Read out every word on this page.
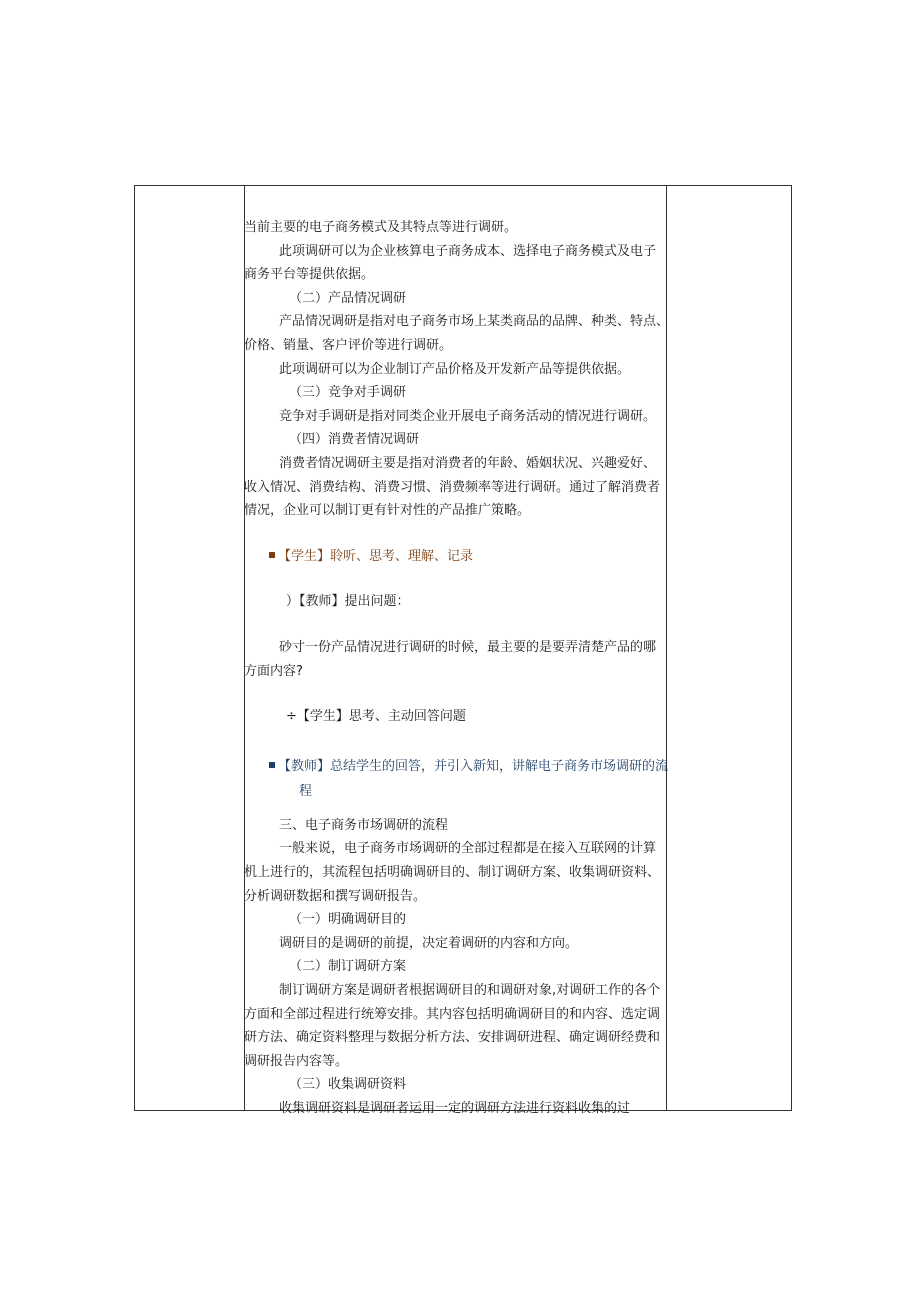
当前主要的电子商务模式及其特点等进行调研。

此项调研可以为企业核算电子商务成本、选择电子商务模式及电子

商务平台等提供依据。

（二）产品情况调研

产品情况调研是指对电子商务市场上某类商品的品牌、种类、特点、

价格、销量、客户评价等进行调研。

此项调研可以为企业制订产品价格及开发新产品等提供依据。

（三）竞争对手调研

竞争对手调研是指对同类企业开展电子商务活动的情况进行调研。

（四）消费者情况调研

消费者情况调研主要是指对消费者的年龄、婚姻状况、兴趣爱好、

收入情况、消费结构、消费习惯、消费频率等进行调研。通过了解消费者

情况，企业可以制订更有针对性的产品推广策略。

【学生】聆听、思考、理解、记录

）【教师】提出问题：

砂寸一份产品情况进行调研的时候，最主要的是要弄清楚产品的哪

方面内容?

÷【学生】思考、主动回答问题

【教师】总结学生的回答，并引入新知，讲解电子商务市场调研的流

程

三、电子商务市场调研的流程

一般来说，电子商务市场调研的全部过程都是在接入互联网的计算

机上进行的，其流程包括明确调研目的、制订调研方案、收集调研资料、

分析调研数据和撰写调研报告。

（一）明确调研目的

调研目的是调研的前提，决定着调研的内容和方向。

（二）制订调研方案

制订调研方案是调研者根据调研目的和调研对象,对调研工作的各个

方面和全部过程进行统筹安排。其内容包括明确调研目的和内容、选定调

研方法、确定资料整理与数据分析方法、安排调研进程、确定调研经费和

调研报告内容等。

（三）收集调研资料

收集调研资料是调研者运用一定的调研方法进行资料收集的过
